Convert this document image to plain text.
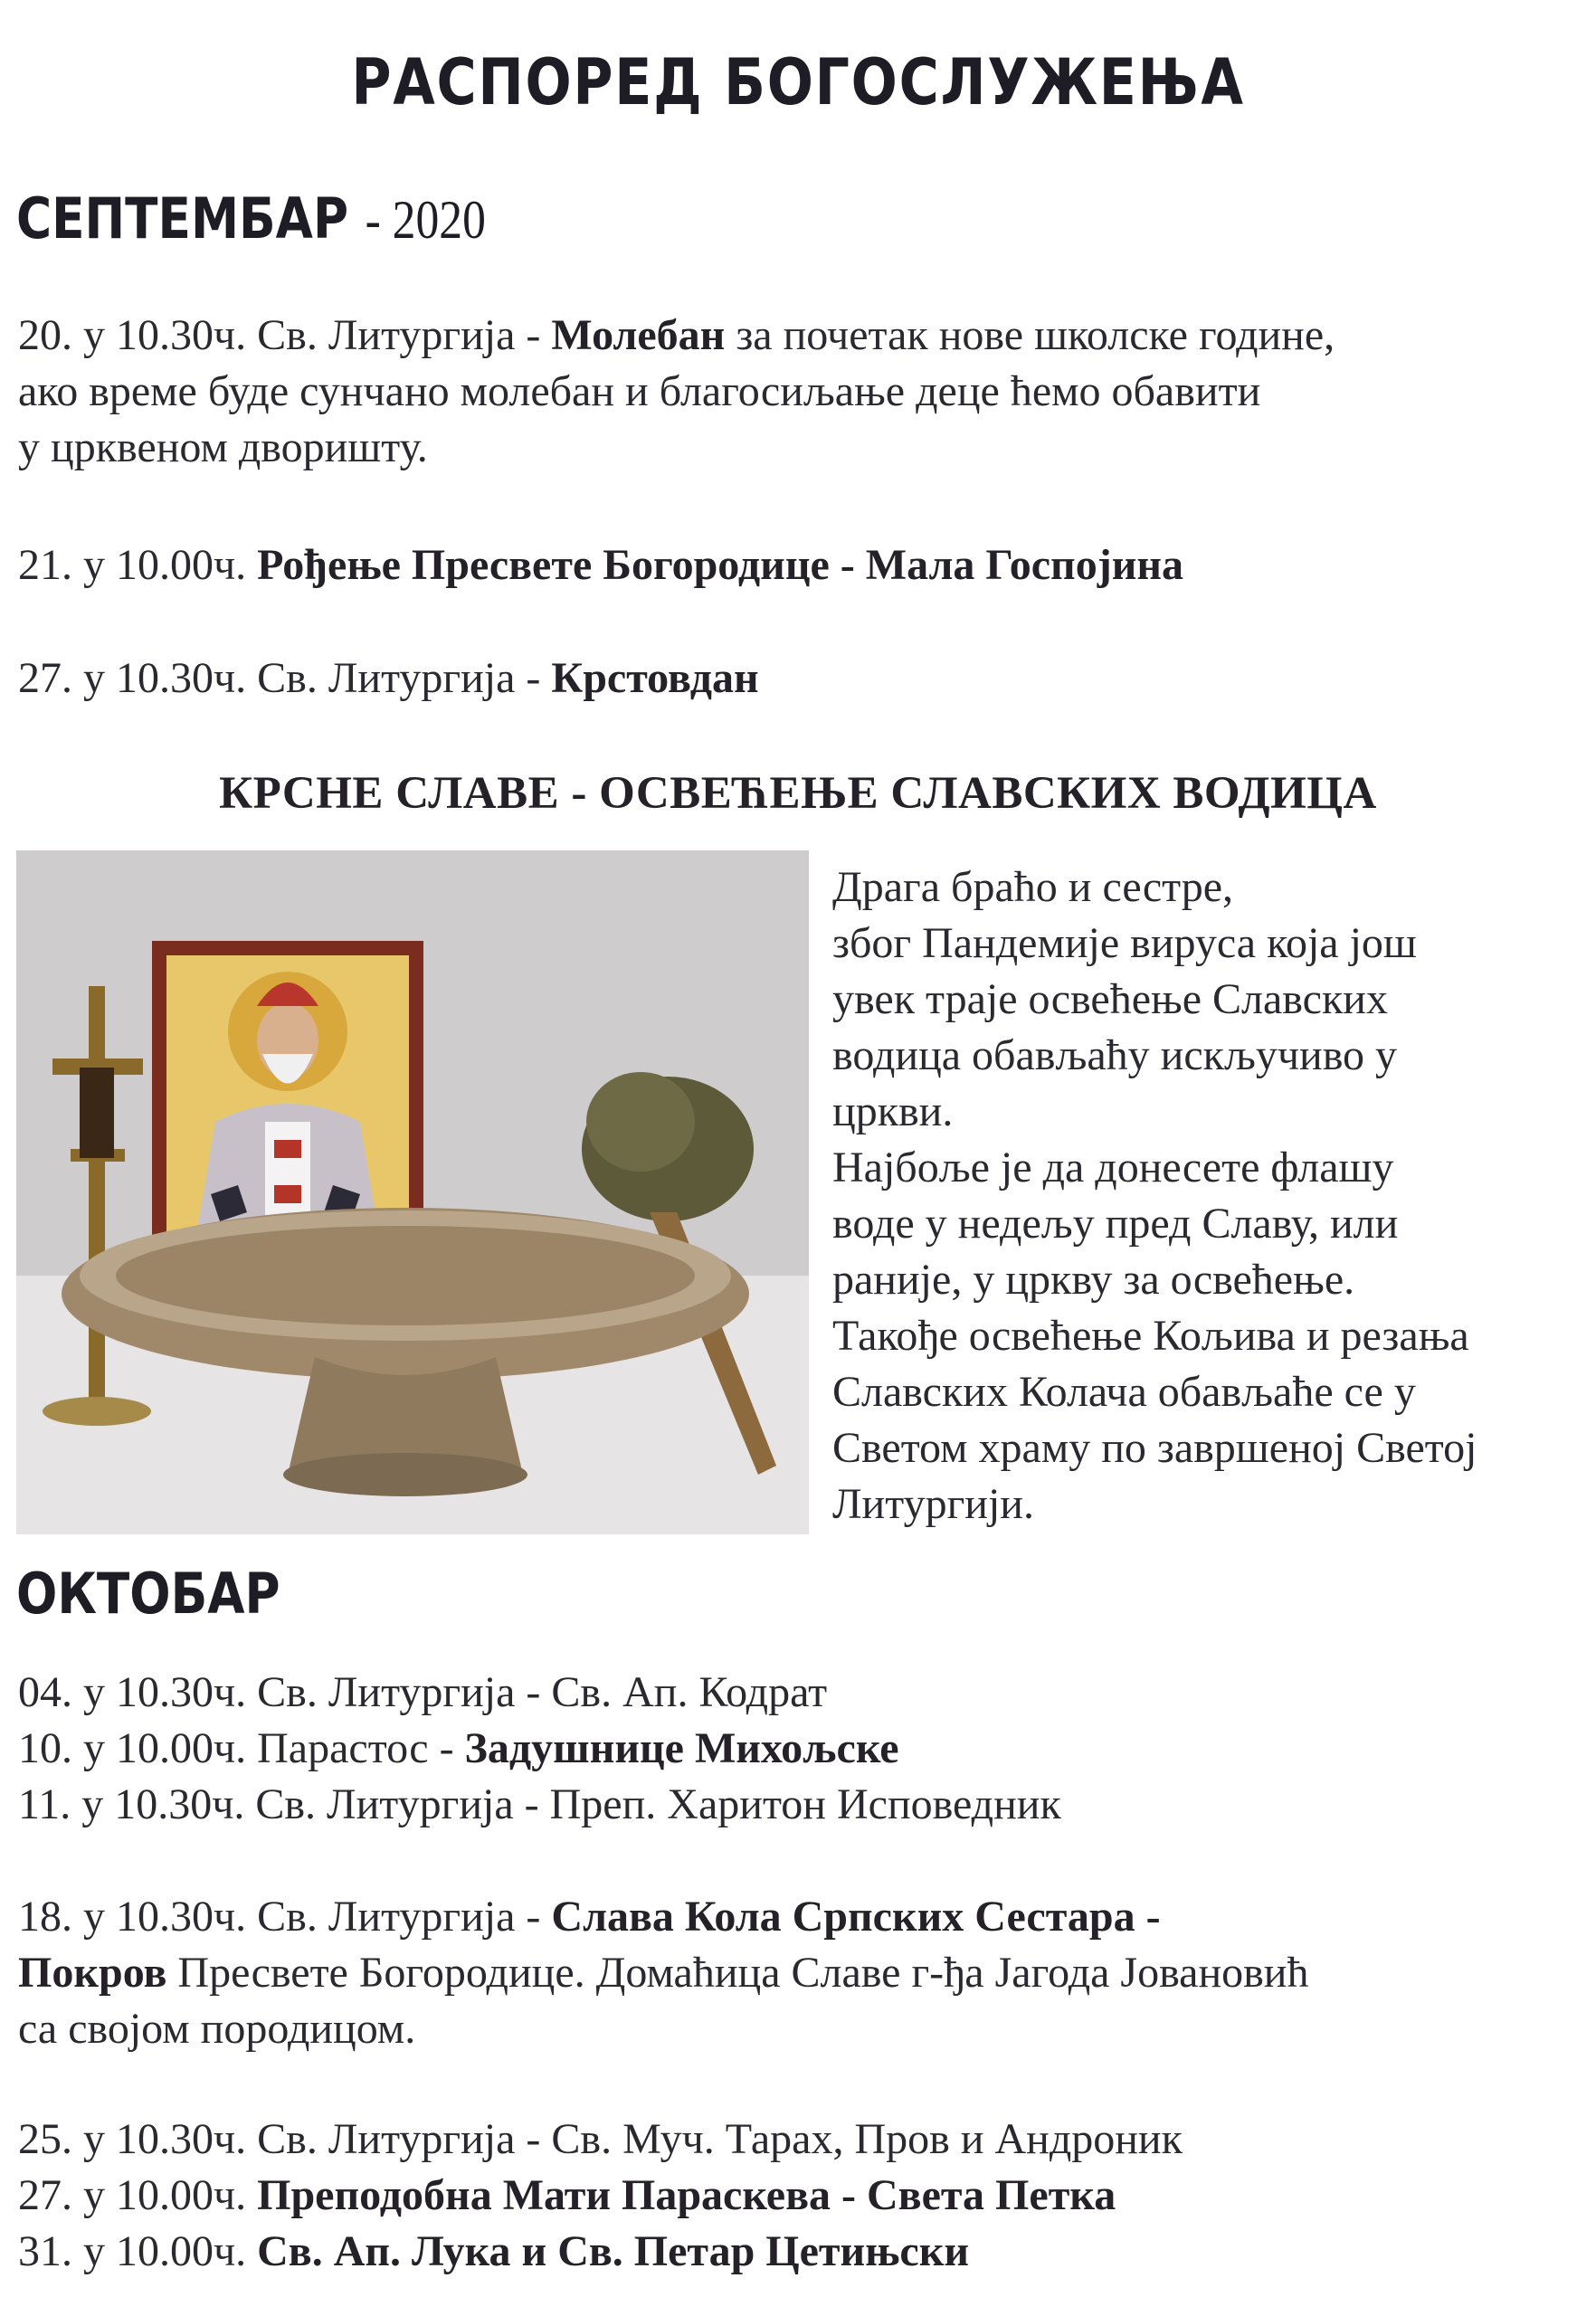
РАСПОРЕД БОГОСЛУЖЕЊА
СЕПТЕМБАР - 2020
20. у 10.30ч. Св. Литургија - Молебан за почетак нове школске године,
ако време буде сунчано молебан и благосиљање деце ћемо обавити
у црквеном дворишту.
21. у 10.00ч. Рођење Пресвете Богородице - Мала Госпојина
27. у 10.30ч. Св. Литургија - Крстовдан
КРСНЕ СЛАВЕ - ОСВЕЋЕЊЕ СЛАВСКИХ ВОДИЦА
Драга браћо и сестре,
због Пандемије вируса која још
увек траје освећење Славских
водица обављаћу искључиво у
цркви.
Најбоље је да донесете флашу
воде у недељу пред Славу, или
раније, у цркву за освећење.
Такође освећење Кољива и резања
Славских Колача обављаће се у
Светом храму по завршеној Светој
Литургији.
ОКТОБАР
04. у 10.30ч. Св. Литургија - Св. Ап. Кодрат
10. у 10.00ч. Парастос - Задушнице Михољске
11. у 10.30ч. Св. Литургија - Преп. Харитон Исповедник
18. у 10.30ч. Св. Литургија - Слава Кола Српских Сестара -
Покров Пресвете Богородице. Домаћица Славе г-ђа Јагода Јовановић
са својом породицом.
25. у 10.30ч. Св. Литургија - Св. Муч. Тарах, Пров и Андроник
27. у 10.00ч. Преподобна Мати Параскева - Света Петка
31. у 10.00ч. Св. Ап. Лука и Св. Петар Цетињски
